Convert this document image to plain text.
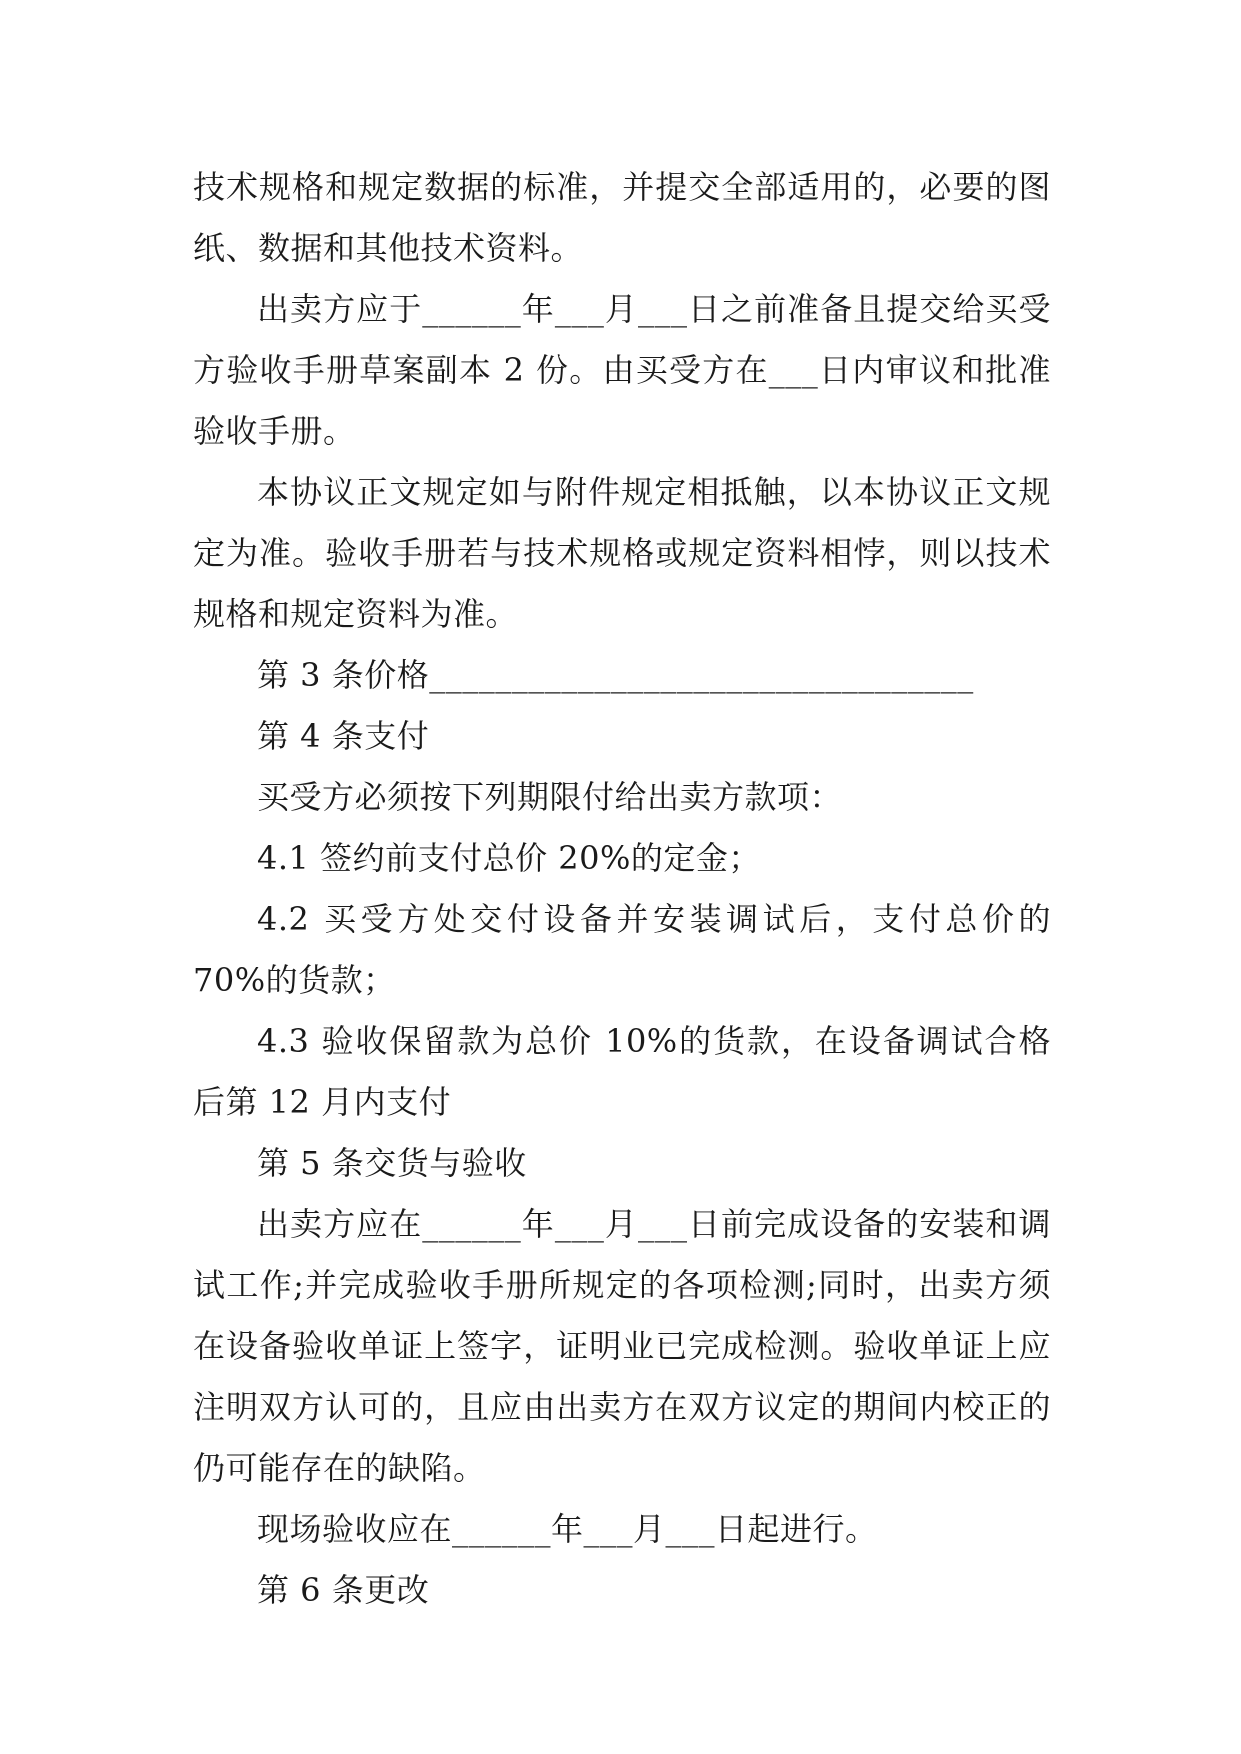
技术规格和规定数据的标准，并提交全部适用的，必要的图纸、数据和其他技术资料。

出卖方应于______年___月___日之前准备且提交给买受方验收手册草案副本 2 份。由买受方在___日内审议和批准验收手册。

本协议正文规定如与附件规定相抵触，以本协议正文规定为准。验收手册若与技术规格或规定资料相悖，则以技术规格和规定资料为准。

第 3 条价格_________________________________

第 4 条支付

买受方必须按下列期限付给出卖方款项：

4.1 签约前支付总价 20%的定金；

4.2 买受方处交付设备并安装调试后，支付总价的 70%的货款；

4.3 验收保留款为总价 10%的货款，在设备调试合格后第 12 月内支付

第 5 条交货与验收

出卖方应在______年___月___日前完成设备的安装和调试工作;并完成验收手册所规定的各项检测;同时，出卖方须在设备验收单证上签字，证明业已完成检测。验收单证上应注明双方认可的，且应由出卖方在双方议定的期间内校正的仍可能存在的缺陷。

现场验收应在______年___月___日起进行。

第 6 条更改
